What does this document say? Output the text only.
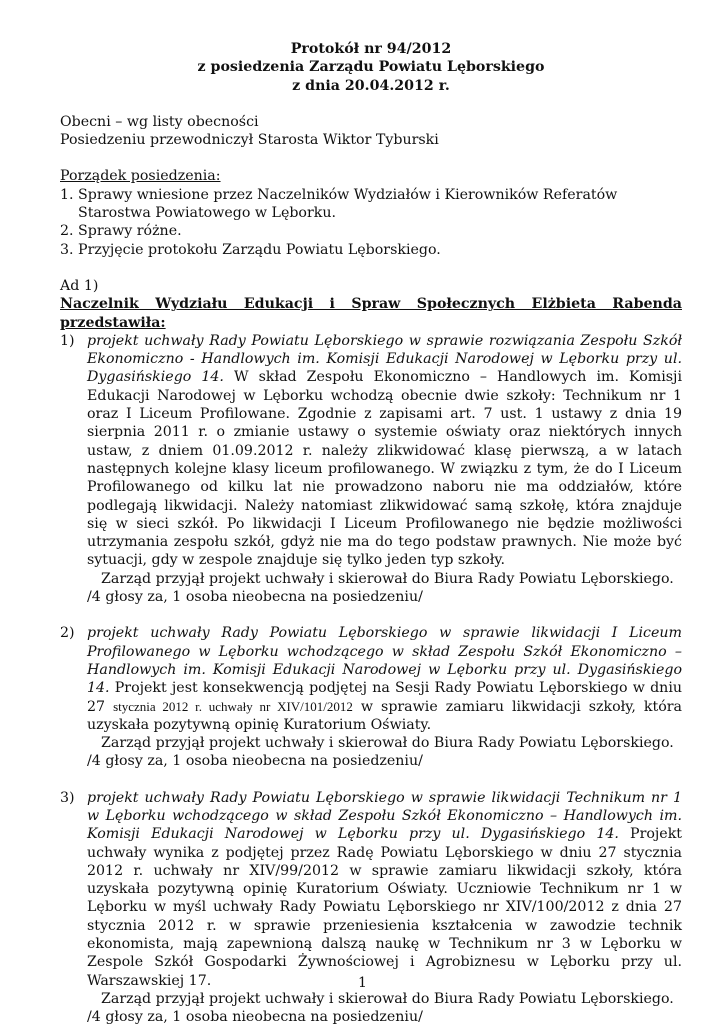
Protokół nr 94/2012
z posiedzenia Zarządu Powiatu Lęborskiego
z dnia 20.04.2012 r.
Obecni – wg listy obecności
Posiedzeniu przewodniczył Starosta Wiktor Tyburski
Porządek posiedzenia:
1. Sprawy wniesione przez Naczelników Wydziałów i Kierowników Referatów Starostwa Powiatowego w Lęborku.
2. Sprawy różne.
3. Przyjęcie protokołu Zarządu Powiatu Lęborskiego.
Ad 1)
Naczelnik Wydziału Edukacji i Spraw Społecznych Elżbieta Rabenda
przedstawiła:
1) projekt uchwały Rady Powiatu Lęborskiego w sprawie rozwiązania Zespołu Szkół Ekonomiczno - Handlowych im. Komisji Edukacji Narodowej w Lęborku przy ul. Dygasińskiego 14. W skład Zespołu Ekonomiczno – Handlowych im. Komisji Edukacji Narodowej w Lęborku wchodzą obecnie dwie szkoły: Technikum nr 1 oraz I Liceum Profilowane. Zgodnie z zapisami art. 7 ust. 1 ustawy z dnia 19 sierpnia 2011 r. o zmianie ustawy o systemie oświaty oraz niektórych innych ustaw, z dniem 01.09.2012 r. należy zlikwidować klasę pierwszą, a w latach następnych kolejne klasy liceum profilowanego. W związku z tym, że do I Liceum Profilowanego od kilku lat nie prowadzono naboru nie ma oddziałów, które podlegają likwidacji. Należy natomiast zlikwidować samą szkołę, która znajduje się w sieci szkół. Po likwidacji I Liceum Profilowanego nie będzie możliwości utrzymania zespołu szkół, gdyż nie ma do tego podstaw prawnych. Nie może być sytuacji, gdy w zespole znajduje się tylko jeden typ szkoły.
Zarząd przyjął projekt uchwały i skierował do Biura Rady Powiatu Lęborskiego.
/4 głosy za, 1 osoba nieobecna na posiedzeniu/
2) projekt uchwały Rady Powiatu Lęborskiego w sprawie likwidacji I Liceum Profilowanego w Lęborku wchodzącego w skład Zespołu Szkół Ekonomiczno – Handlowych im. Komisji Edukacji Narodowej w Lęborku przy ul. Dygasińskiego 14. Projekt jest konsekwencją podjętej na Sesji Rady Powiatu Lęborskiego w dniu 27 stycznia 2012 r. uchwały nr XIV/101/2012 w sprawie zamiaru likwidacji szkoły, która uzyskała pozytywną opinię Kuratorium Oświaty.
Zarząd przyjął projekt uchwały i skierował do Biura Rady Powiatu Lęborskiego.
/4 głosy za, 1 osoba nieobecna na posiedzeniu/
3) projekt uchwały Rady Powiatu Lęborskiego w sprawie likwidacji Technikum nr 1 w Lęborku wchodzącego w skład Zespołu Szkół Ekonomiczno – Handlowych im. Komisji Edukacji Narodowej w Lęborku przy ul. Dygasińskiego 14. Projekt uchwały wynika z podjętej przez Radę Powiatu Lęborskiego w dniu 27 stycznia 2012 r. uchwały nr XIV/99/2012 w sprawie zamiaru likwidacji szkoły, która uzyskała pozytywną opinię Kuratorium Oświaty. Uczniowie Technikum nr 1 w Lęborku w myśl uchwały Rady Powiatu Lęborskiego nr XIV/100/2012 z dnia 27 stycznia 2012 r. w sprawie przeniesienia kształcenia w zawodzie technik ekonomista, mają zapewnioną dalszą naukę w Technikum nr 3 w Lęborku w Zespole Szkół Gospodarki Żywnościowej i Agrobiznesu w Lęborku przy ul. Warszawskiej 17.
Zarząd przyjął projekt uchwały i skierował do Biura Rady Powiatu Lęborskiego.
/4 głosy za, 1 osoba nieobecna na posiedzeniu/
1
